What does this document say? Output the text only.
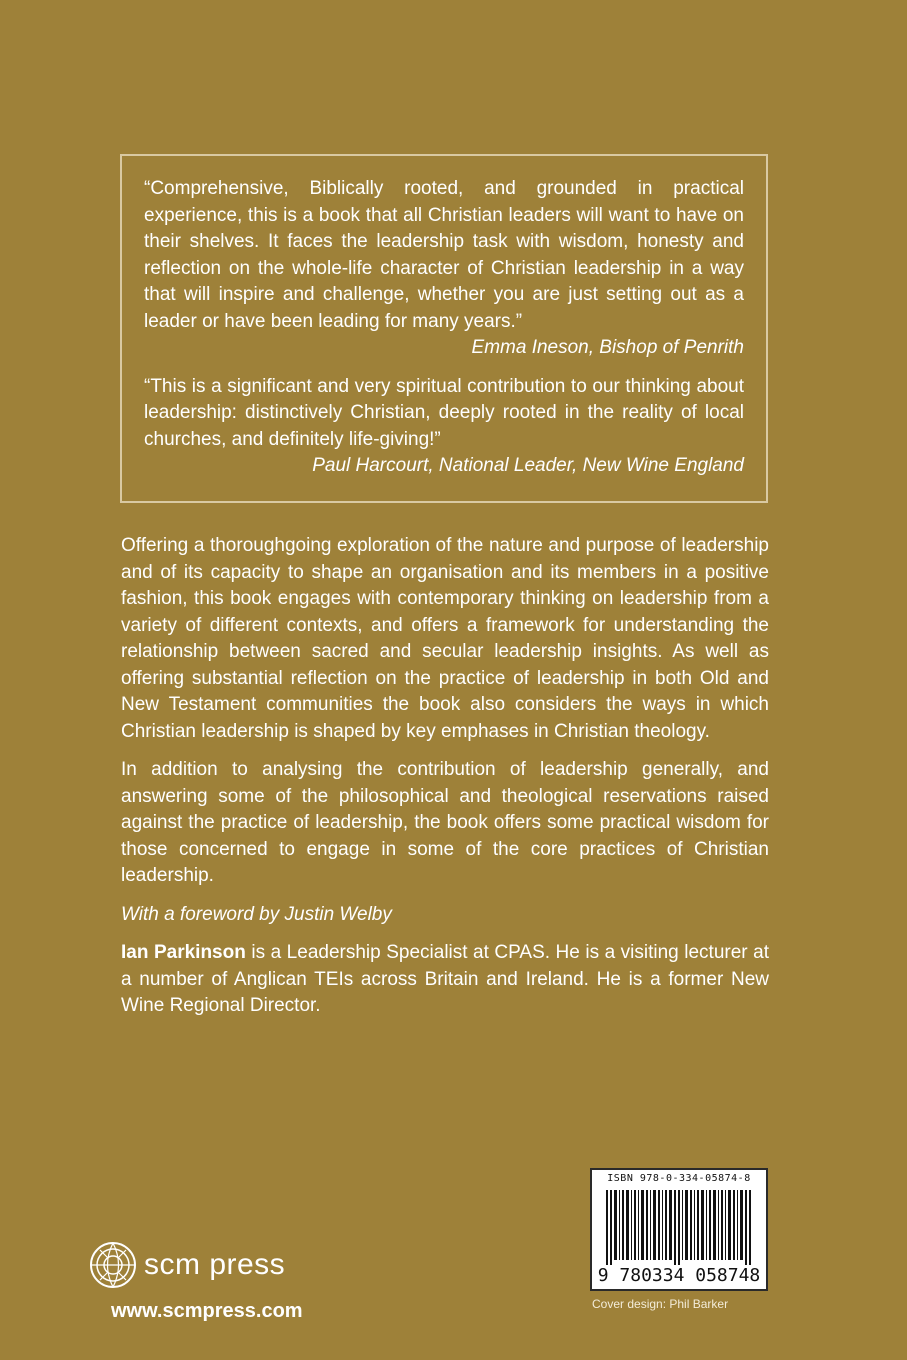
“Comprehensive, Biblically rooted, and grounded in practical experience, this is a book that all Christian leaders will want to have on their shelves. It faces the leadership task with wisdom, honesty and reflection on the whole-life character of Christian leadership in a way that will inspire and challenge, whether you are just setting out as a leader or have been leading for many years.”

Emma Ineson, Bishop of Penrith

“This is a significant and very spiritual contribution to our thinking about leadership: distinctively Christian, deeply rooted in the reality of local churches, and definitely life-giving!”

Paul Harcourt, National Leader, New Wine England

Offering a thoroughgoing exploration of the nature and purpose of leadership and of its capacity to shape an organisation and its members in a positive fashion, this book engages with contemporary thinking on leadership from a variety of different contexts, and offers a framework for understanding the relationship between sacred and secular leadership insights. As well as offering substantial reflection on the practice of leadership in both Old and New Testament communities the book also considers the ways in which Christian leadership is shaped by key emphases in Christian theology.

In addition to analysing the contribution of leadership generally, and answering some of the philosophical and theological reservations raised against the practice of leadership, the book offers some practical wisdom for those concerned to engage in some of the core practices of Christian leadership.

With a foreword by Justin Welby

Ian Parkinson is a Leadership Specialist at CPAS. He is a visiting lecturer at a number of Anglican TEIs across Britain and Ireland. He is a former New Wine Regional Director.

scm press
www.scmpress.com
ISBN 978-0-334-05874-8
9 780334 058748
Cover design: Phil Barker
